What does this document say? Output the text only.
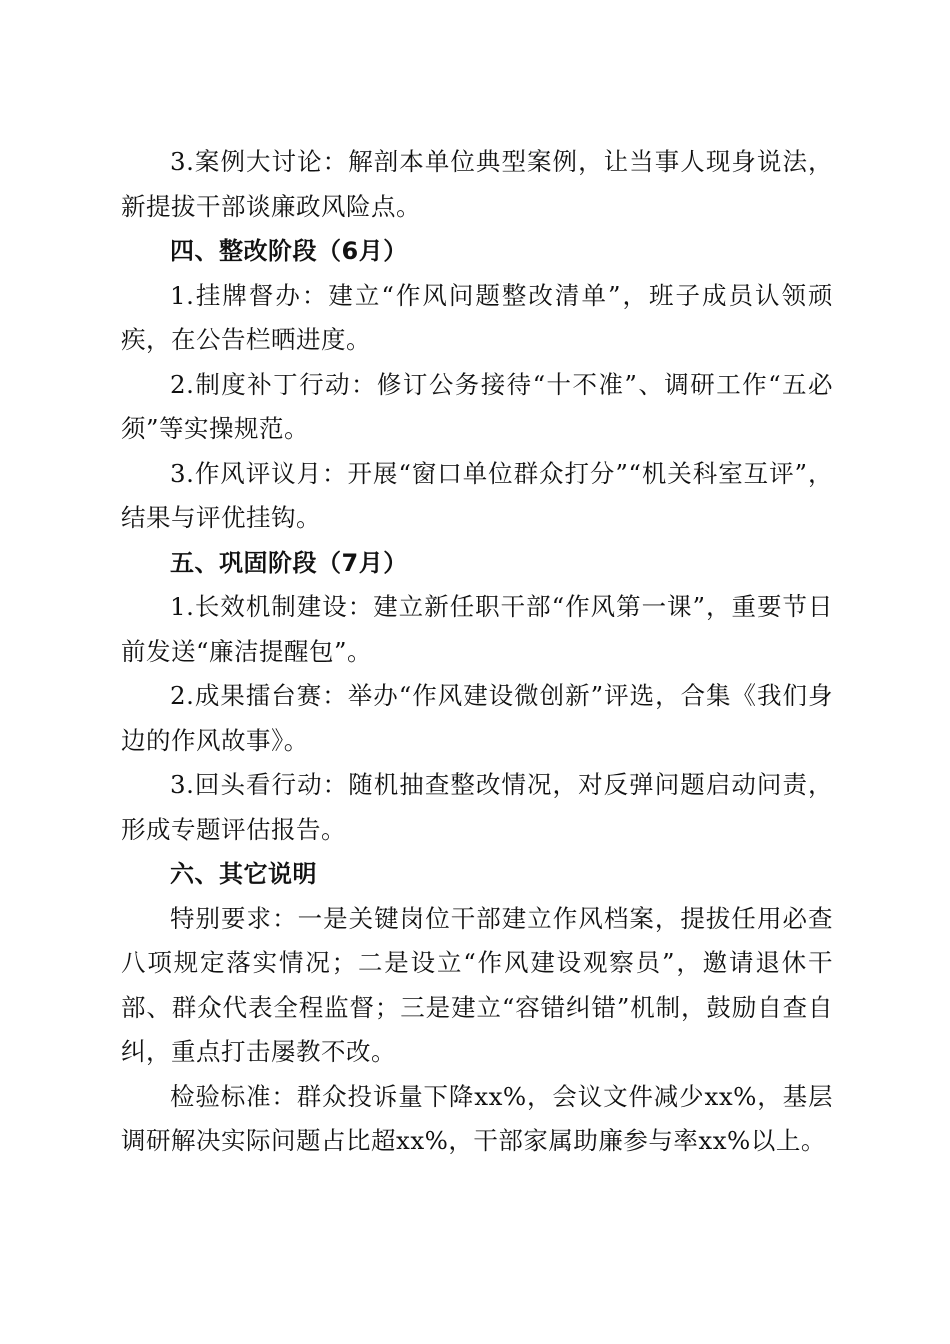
3.案例大讨论：解剖本单位典型案例，让当事人现身说法，新提拔干部谈廉政风险点。

四、整改阶段（6月）

1.挂牌督办：建立“作风问题整改清单”，班子成员认领顽疾，在公告栏晒进度。

2.制度补丁行动：修订公务接待“十不准”、调研工作“五必须”等实操规范。

3.作风评议月：开展“窗口单位群众打分”“机关科室互评”，结果与评优挂钩。

五、巩固阶段（7月）

1.长效机制建设：建立新任职干部“作风第一课”，重要节日前发送“廉洁提醒包”。

2.成果擂台赛：举办“作风建设微创新”评选，合集《我们身边的作风故事》。

3.回头看行动：随机抽查整改情况，对反弹问题启动问责，形成专题评估报告。

六、其它说明

特别要求：一是关键岗位干部建立作风档案，提拔任用必查八项规定落实情况；二是设立“作风建设观察员”，邀请退休干部、群众代表全程监督；三是建立“容错纠错”机制，鼓励自查自纠，重点打击屡教不改。

检验标准：群众投诉量下降xx%，会议文件减少xx%，基层调研解决实际问题占比超xx%，干部家属助廉参与率xx%以上。
